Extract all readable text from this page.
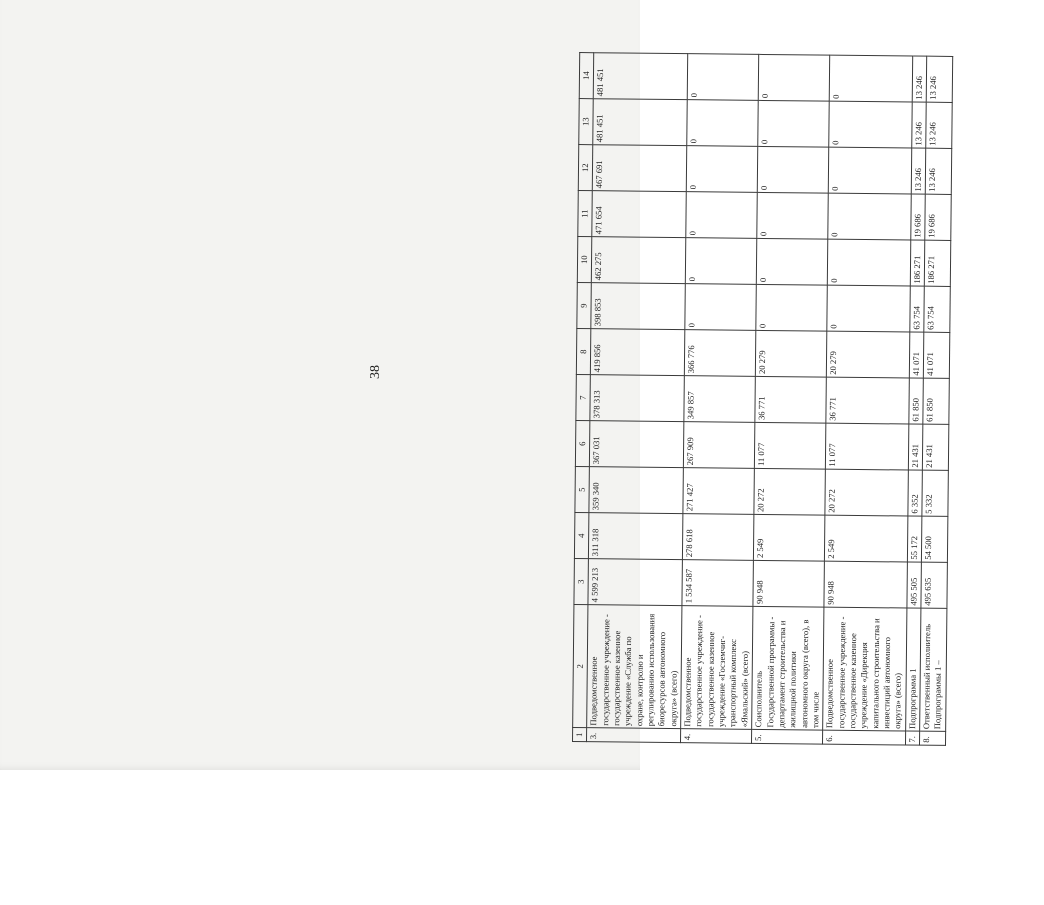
38
1	2	3	4	5	6	7	8	9	10	11	12	13	14
3.	Подведомственное государственное учреждение - государственное казенное учреждение «Служба по охране, контролю и регулированию использования биоресурсов автономного округа» (всего)	4 599 213	311 318	359 340	367 031	378 313	419 856	398 853	462 275	471 654	467 691	481 451	481 451
4.	Подведомственное государственное учреждение - государственное казенное учреждение «Госземчиг-транспортный комплекс «Ямальский» (всего)	1 534 587	278 618	271 427	267 909	349 857	366 776	0	0	0	0	0	0
5.	Соисполнитель Государственной программы - департамент строительства и жилищной политики автономного округа (всего), в том числе	90 948	2 549	20 272	11 077	36 771	20 279	0	0	0	0	0	0
6.	Подведомственное государственное учреждение - государственное казенное учреждение «Дирекция капитального строительства и инвестиций автономного округа» (всего)	90 948	2 549	20 272	11 077	36 771	20 279	0	0	0	0	0	0
7.	Подпрограмма 1	495 505	55 172	6 352	21 431	61 850	41 071	63 754	186 271	19 686	13 246	13 246	13 246
8.	Ответственный исполнитель Подпрограммы 1 –	495 635	54 500	5 332	21 431	61 850	41 071	63 754	186 271	19 686	13 246	13 246	13 246
